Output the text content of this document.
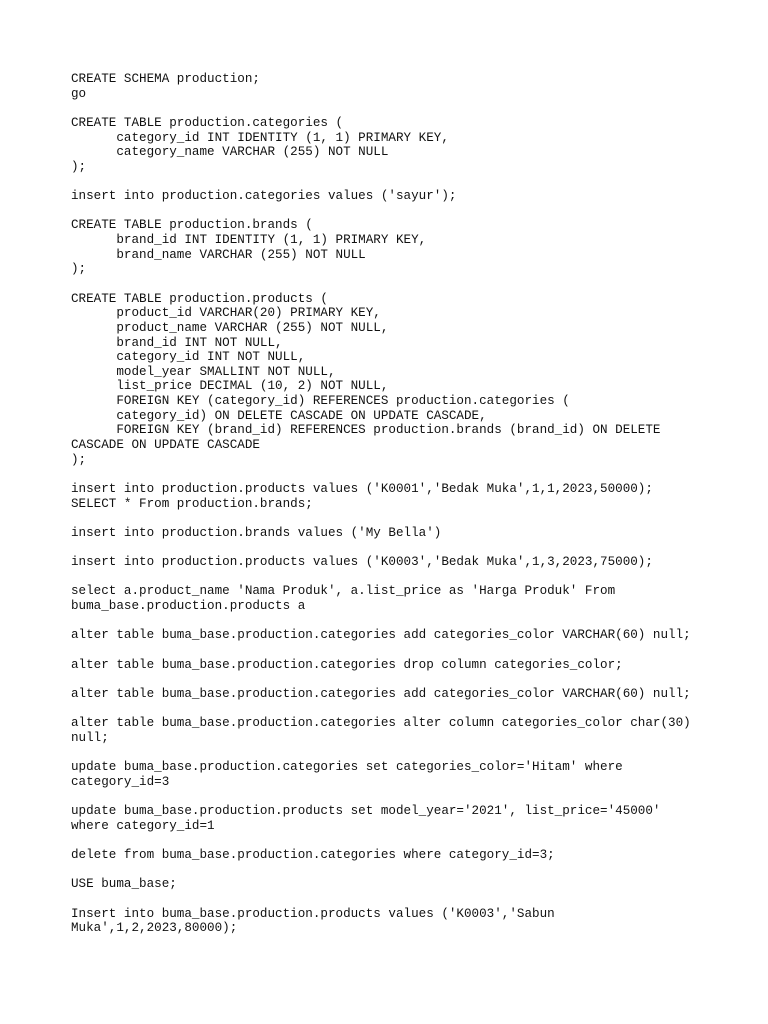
CREATE SCHEMA production;
go
CREATE TABLE production.categories (
category_id INT IDENTITY (1, 1) PRIMARY KEY,
category_name VARCHAR (255) NOT NULL
);
insert into production.categories values ('sayur');
CREATE TABLE production.brands (
brand_id INT IDENTITY (1, 1) PRIMARY KEY,
brand_name VARCHAR (255) NOT NULL
);
CREATE TABLE production.products (
product_id VARCHAR(20) PRIMARY KEY,
product_name VARCHAR (255) NOT NULL,
brand_id INT NOT NULL,
category_id INT NOT NULL,
model_year SMALLINT NOT NULL,
list_price DECIMAL (10, 2) NOT NULL,
FOREIGN KEY (category_id) REFERENCES production.categories (
category_id) ON DELETE CASCADE ON UPDATE CASCADE,
FOREIGN KEY (brand_id) REFERENCES production.brands (brand_id) ON DELETE
CASCADE ON UPDATE CASCADE
);
insert into production.products values ('K0001','Bedak Muka',1,1,2023,50000);
SELECT * From production.brands;
insert into production.brands values ('My Bella')
insert into production.products values ('K0003','Bedak Muka',1,3,2023,75000);
select a.product_name 'Nama Produk', a.list_price as 'Harga Produk' From
buma_base.production.products a
alter table buma_base.production.categories add categories_color VARCHAR(60) null;
alter table buma_base.production.categories drop column categories_color;
alter table buma_base.production.categories add categories_color VARCHAR(60) null;
alter table buma_base.production.categories alter column categories_color char(30)
null;
update buma_base.production.categories set categories_color='Hitam' where
category_id=3
update buma_base.production.products set model_year='2021', list_price='45000'
where category_id=1
delete from buma_base.production.categories where category_id=3;
USE buma_base;
Insert into buma_base.production.products values ('K0003','Sabun
Muka',1,2,2023,80000);
